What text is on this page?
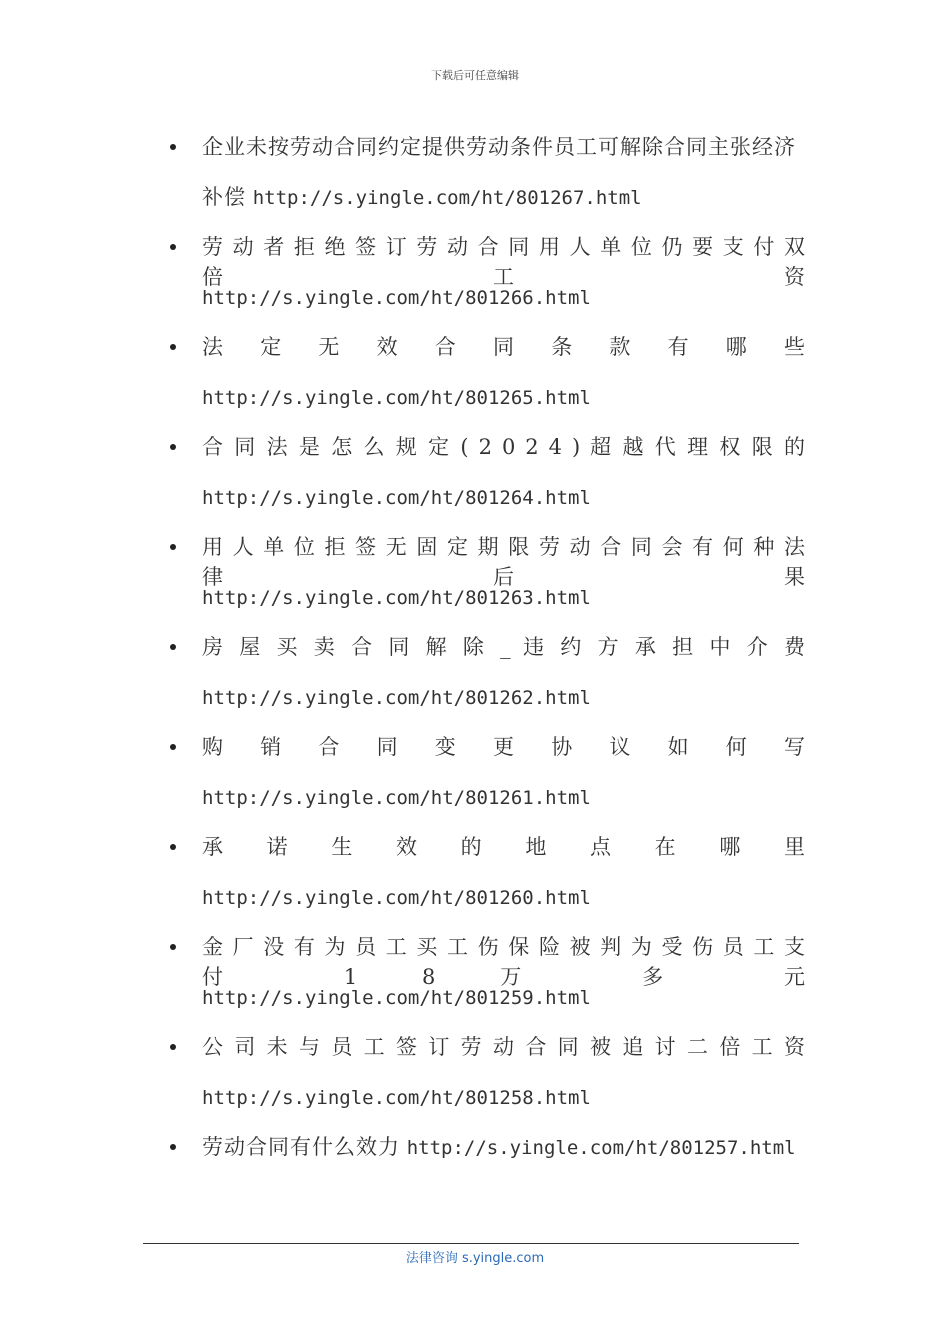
下载后可任意编辑
企业未按劳动合同约定提供劳动条件员工可解除合同主张经济
补偿 http://s.yingle.com/ht/801267.html
劳 动 者 拒 绝 签 订 劳 动 合 同 用 人 单 位 仍 要 支 付 双 倍 工 资
http://s.yingle.com/ht/801266.html
法 定 无 效 合 同 条 款 有 哪 些
http://s.yingle.com/ht/801265.html
合 同 法 是 怎 么 规 定 ( 2 0 2 4 ) 超 越 代 理 权 限 的
http://s.yingle.com/ht/801264.html
用 人 单 位 拒 签 无 固 定 期 限 劳 动 合 同 会 有 何 种 法 律 后 果
http://s.yingle.com/ht/801263.html
房 屋 买 卖 合 同 解 除 _ 违 约 方 承 担 中 介 费
http://s.yingle.com/ht/801262.html
购 销 合 同 变 更 协 议 如 何 写
http://s.yingle.com/ht/801261.html
承 诺 生 效 的 地 点 在 哪 里
http://s.yingle.com/ht/801260.html
金 厂 没 有 为 员 工 买 工 伤 保 险 被 判 为 受 伤 员 工 支 付 1 8 万 多 元
http://s.yingle.com/ht/801259.html
公 司 未 与 员 工 签 订 劳 动 合 同 被 追 讨 二 倍 工 资
http://s.yingle.com/ht/801258.html
劳动合同有什么效力 http://s.yingle.com/ht/801257.html
法律咨询 s.yingle.com
